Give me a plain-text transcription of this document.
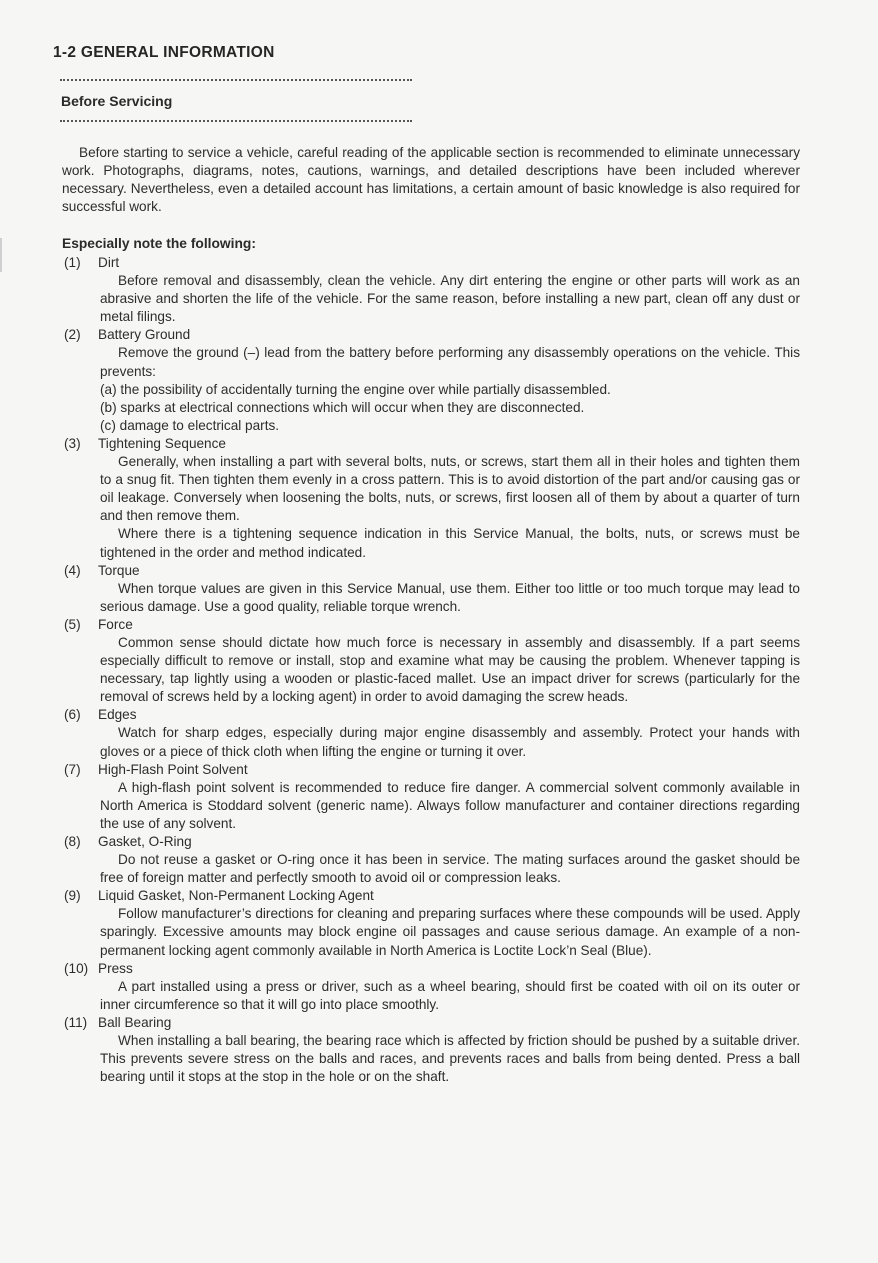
1-2 GENERAL INFORMATION
Before Servicing

Before starting to service a vehicle, careful reading of the applicable section is recommended to eliminate unnecessary work. Photographs, diagrams, notes, cautions, warnings, and detailed descriptions have been included wherever necessary. Nevertheless, even a detailed account has limitations, a certain amount of basic knowledge is also required for successful work.

Especially note the following:
(1) Dirt
Before removal and disassembly, clean the vehicle. Any dirt entering the engine or other parts will work as an abrasive and shorten the life of the vehicle. For the same reason, before installing a new part, clean off any dust or metal filings.
(2) Battery Ground
Remove the ground (–) lead from the battery before performing any disassembly operations on the vehicle. This prevents:
(a) the possibility of accidentally turning the engine over while partially disassembled.
(b) sparks at electrical connections which will occur when they are disconnected.
(c) damage to electrical parts.
(3) Tightening Sequence
Generally, when installing a part with several bolts, nuts, or screws, start them all in their holes and tighten them to a snug fit. Then tighten them evenly in a cross pattern. This is to avoid distortion of the part and/or causing gas or oil leakage. Conversely when loosening the bolts, nuts, or screws, first loosen all of them by about a quarter of turn and then remove them.
Where there is a tightening sequence indication in this Service Manual, the bolts, nuts, or screws must be tightened in the order and method indicated.
(4) Torque
When torque values are given in this Service Manual, use them. Either too little or too much torque may lead to serious damage. Use a good quality, reliable torque wrench.
(5) Force
Common sense should dictate how much force is necessary in assembly and disassembly. If a part seems especially difficult to remove or install, stop and examine what may be causing the problem. Whenever tapping is necessary, tap lightly using a wooden or plastic-faced mallet. Use an impact driver for screws (particularly for the removal of screws held by a locking agent) in order to avoid damaging the screw heads.
(6) Edges
Watch for sharp edges, especially during major engine disassembly and assembly. Protect your hands with gloves or a piece of thick cloth when lifting the engine or turning it over.
(7) High-Flash Point Solvent
A high-flash point solvent is recommended to reduce fire danger. A commercial solvent commonly available in North America is Stoddard solvent (generic name). Always follow manufacturer and container directions regarding the use of any solvent.
(8) Gasket, O-Ring
Do not reuse a gasket or O-ring once it has been in service. The mating surfaces around the gasket should be free of foreign matter and perfectly smooth to avoid oil or compression leaks.
(9) Liquid Gasket, Non-Permanent Locking Agent
Follow manufacturer’s directions for cleaning and preparing surfaces where these compounds will be used. Apply sparingly. Excessive amounts may block engine oil passages and cause serious damage. An example of a non-permanent locking agent commonly available in North America is Loctite Lock’n Seal (Blue).
(10) Press
A part installed using a press or driver, such as a wheel bearing, should first be coated with oil on its outer or inner circumference so that it will go into place smoothly.
(11) Ball Bearing
When installing a ball bearing, the bearing race which is affected by friction should be pushed by a suitable driver. This prevents severe stress on the balls and races, and prevents races and balls from being dented. Press a ball bearing until it stops at the stop in the hole or on the shaft.
